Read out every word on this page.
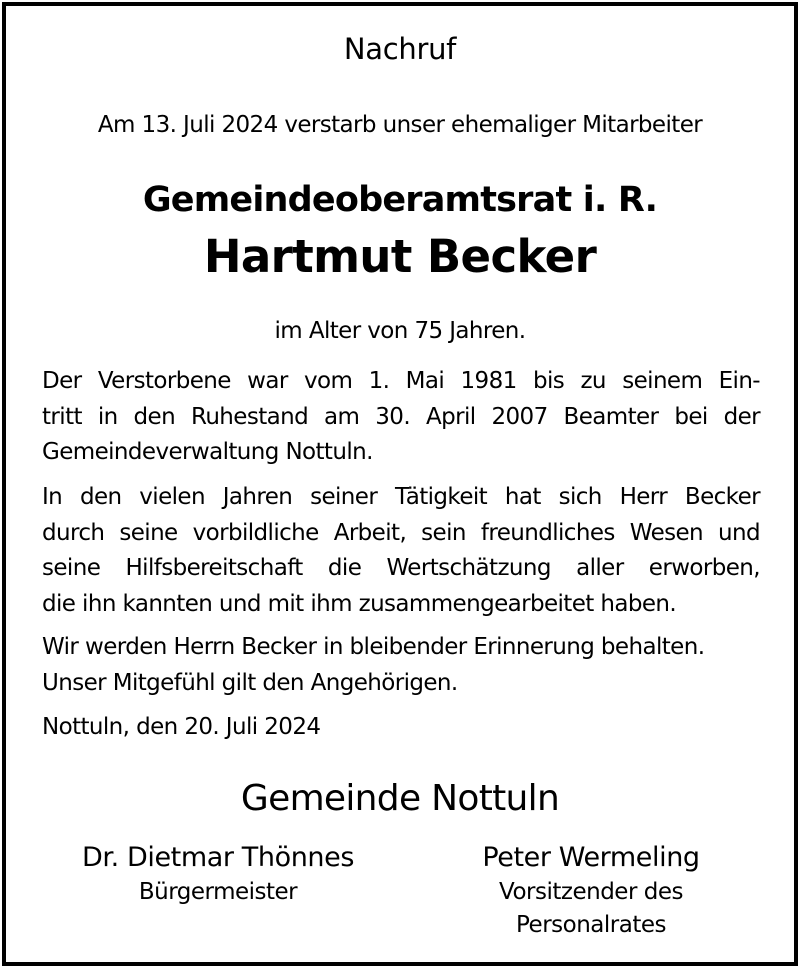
Nachruf
Am 13. Juli 2024 verstarb unser ehemaliger Mitarbeiter
Gemeindeoberamtsrat i. R.
Hartmut Becker
im Alter von 75 Jahren.
Der Verstorbene war vom 1. Mai 1981 bis zu seinem Ein-
tritt in den Ruhestand am 30. April 2007 Beamter bei der
Gemeindeverwaltung Nottuln.
In den vielen Jahren seiner Tätigkeit hat sich Herr Becker
durch seine vorbildliche Arbeit, sein freundliches Wesen und
seine Hilfsbereitschaft die Wertschätzung aller erworben,
die ihn kannten und mit ihm zusammengearbeitet haben.
Wir werden Herrn Becker in bleibender Erinnerung behalten.
Unser Mitgefühl gilt den Angehörigen.
Nottuln, den 20. Juli 2024
Gemeinde Nottuln
Dr. Dietmar Thönnes
Bürgermeister
Peter Wermeling
Vorsitzender des
Personalrates
